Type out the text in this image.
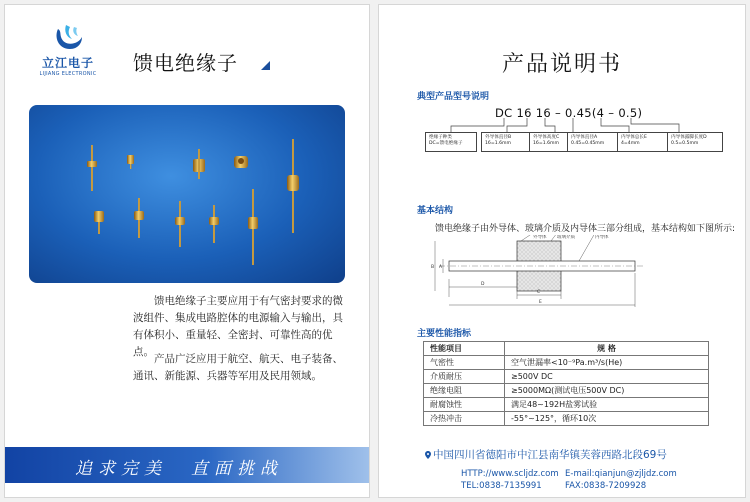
立江电子
LIJIANG ELECTRONIC	馈电绝缘子

馈电绝缘子主要应用于有气密封要求的微波组件、集成电路腔体的电源输入与输出，具有体积小、重量轻、全密封、可靠性高的优点。

产品广泛应用于航空、航天、电子装备、通讯、新能源、兵器等军用及民用领域。

追求完美 直面挑战
产品说明书
典型产品型号说明
DC 16 16 – 0.45(4 – 0.5)
绝缘子种类
DC=馈电绝缘子
外导体直径B
16=1.6mm
外导体高度C
16=1.6mm
内导体直径A
0.45=0.45mm
内导体总长E
4=4mm
内导体露脚长度D
0.5=0.5mm
基本结构
馈电绝缘子由外导体、玻璃介质及内导体三部分组成，基本结构如下图所示:
外导体 玻璃介质	内导体
B A
D
C
E
主要性能指标
性能项目	规 格
气密性	空气泄漏率<10⁻⁹Pa.m³/s(He)
介质耐压	≥500V DC
绝缘电阻	≥5000MΩ(测试电压500V DC)
耐腐蚀性	满足48~192H盐雾试验
冷热冲击	-55°~125°，循环10次
中国四川省德阳市中江县南华镇芙蓉西路北段69号
HTTP://www.scljdz.com E-mail:qianjun@zjljdz.com
TEL:0838-7135991	FAX:0838-7209928
